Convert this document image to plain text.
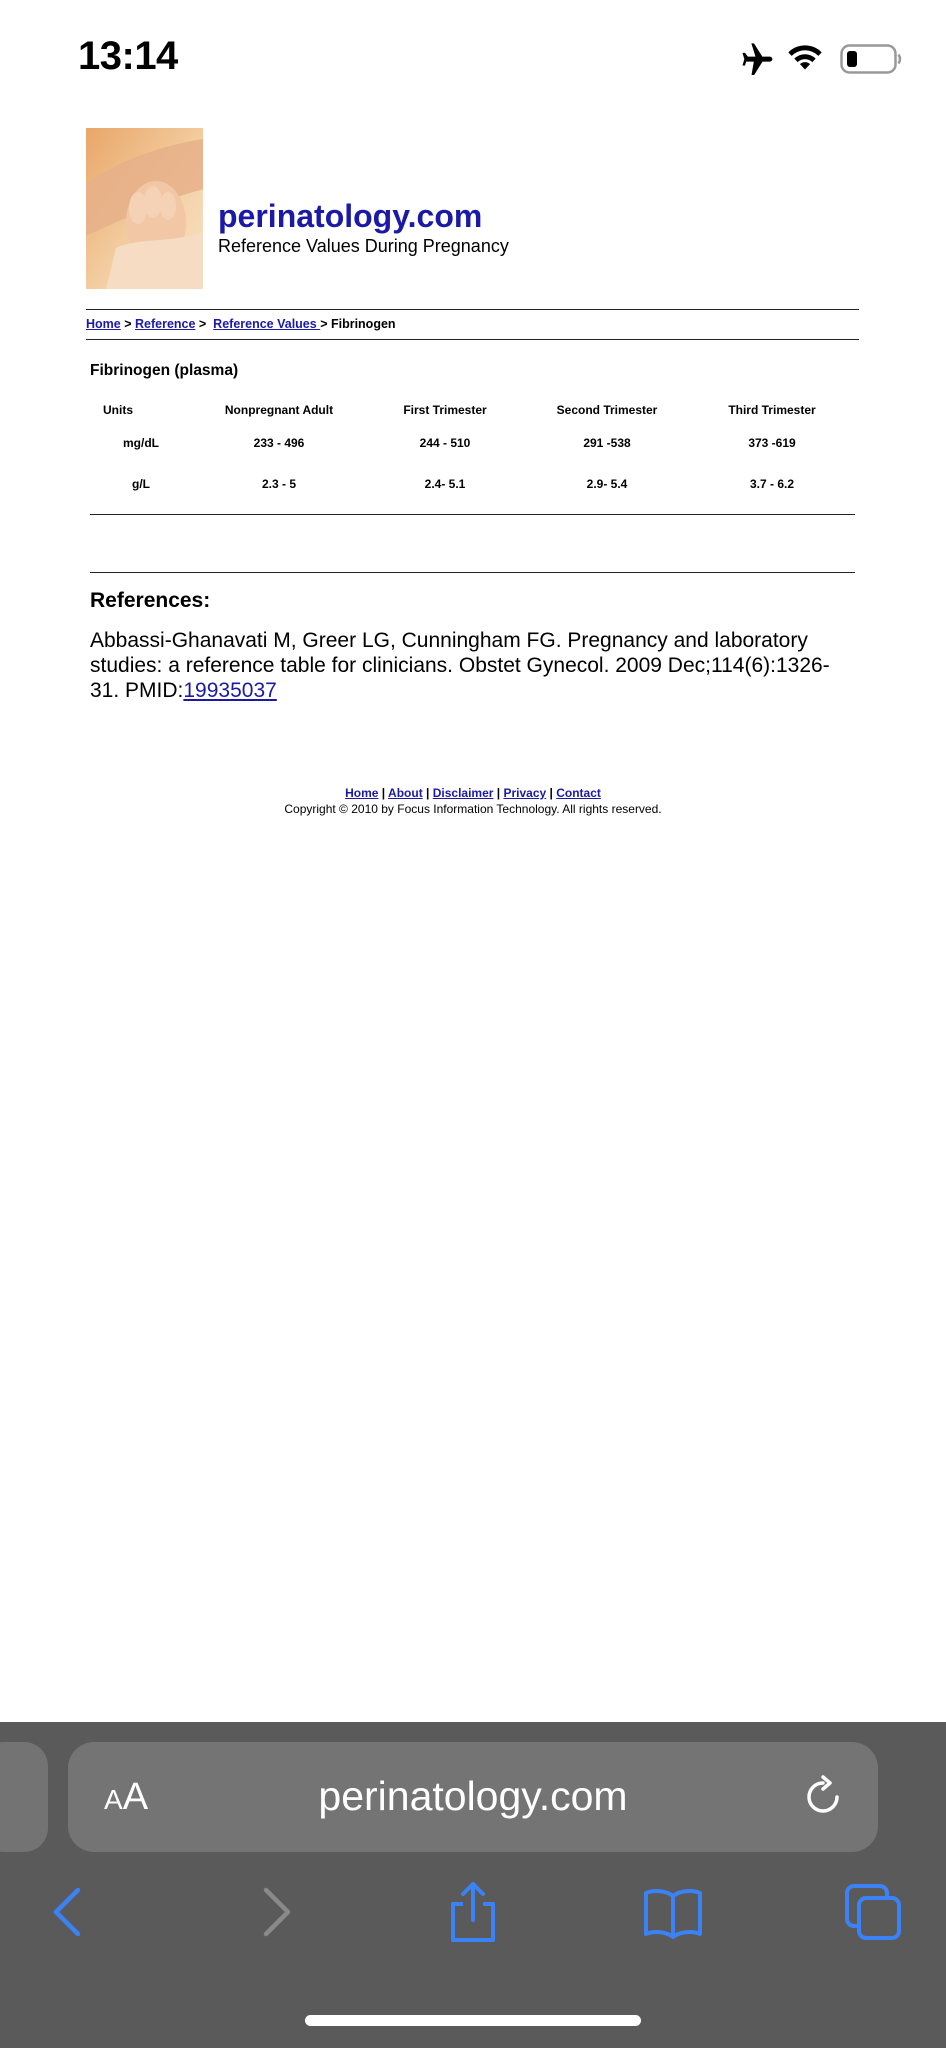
13:14
perinatology.com
Reference Values During Pregnancy
Home > Reference >  Reference Values > Fibrinogen
Fibrinogen (plasma)
Units	Nonpregnant Adult	First Trimester	Second Trimester	Third Trimester
mg/dL	233 - 496	244 - 510	291 -538	373 -619
g/L	2.3 - 5	2.4- 5.1	2.9- 5.4	3.7 - 6.2
References:
Abbassi-Ghanavati M, Greer LG, Cunningham FG. Pregnancy and laboratory studies: a reference table for clinicians. Obstet Gynecol. 2009 Dec;114(6):1326-31. PMID:19935037
Home | About | Disclaimer | Privacy | Contact
Copyright © 2010 by Focus Information Technology. All rights reserved.
AA	perinatology.com
